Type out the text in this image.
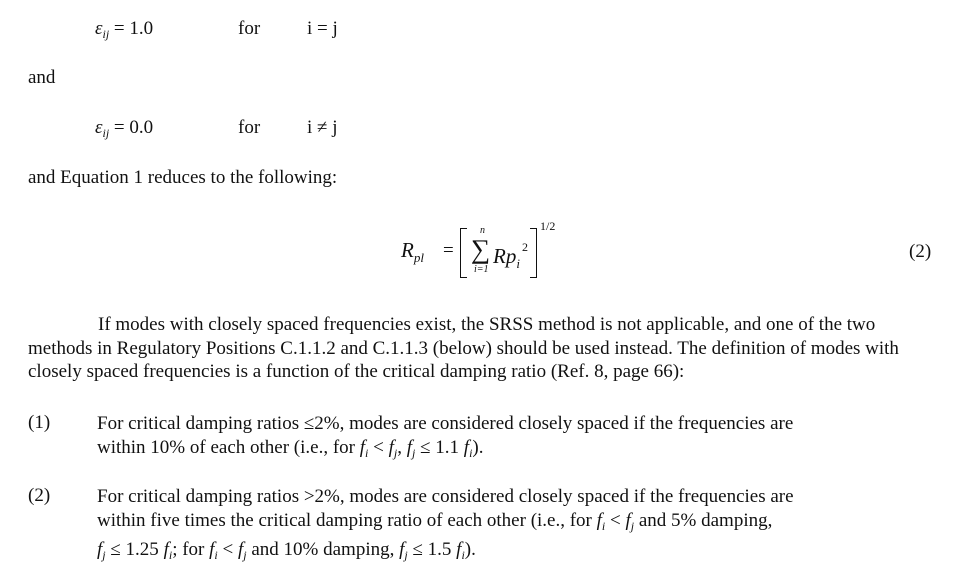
$\varepsilon_{ij} = 1.0$	for i = j
and
$\varepsilon_{ij} = 0.0$	for i ≠ j
and Equation 1 reduces to the following:
$R_{pl}$ =
n
∑
i=1
$Rp_i^2$
1/2
(2)
If modes with closely spaced frequencies exist, the SRSS method is not applicable, and one of the two methods in Regulatory Positions C.1.1.2 and C.1.1.3 (below) should be used instead. The definition of modes with closely spaced frequencies is a function of the critical damping ratio (Ref. 8, page 66):
(1) For critical damping ratios ≤2%, modes are considered closely spaced if the frequencies are
within 10% of each other (i.e., for $f_i < f_j$, $f_j \le 1.1$ $f_i$).
(2) For critical damping ratios >2%, modes are considered closely spaced if the frequencies are
within five times the critical damping ratio of each other (i.e., for $f_i < f_j$ and 5% damping,
$f_j \le 1.25$ $f_i$; for $f_i < f_j$ and 10% damping, $f_j \le 1.5$ $f_i$).
